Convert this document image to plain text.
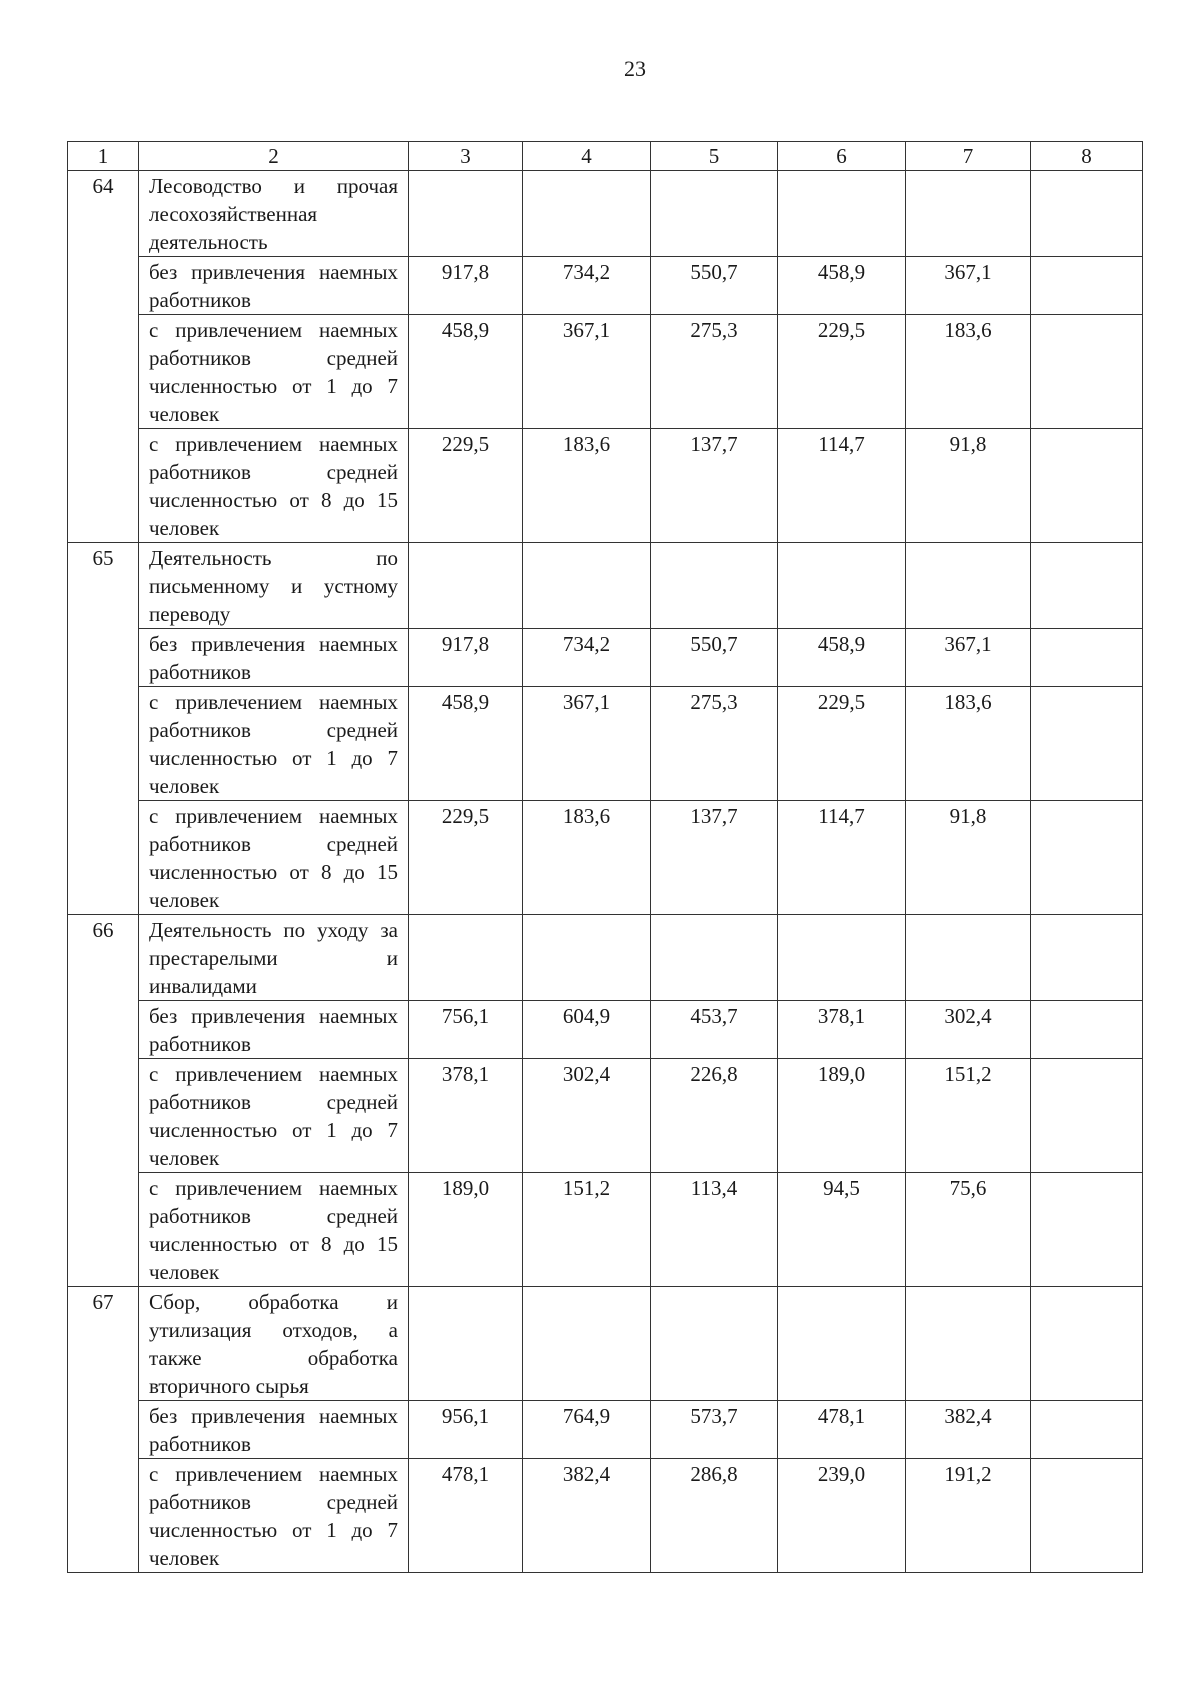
23
1	2	3	4	5	6	7	8
64	Лесоводство и прочая лесохозяйственная деятельность						
	без привлечения наемных работников	917,8	734,2	550,7	458,9	367,1	
	с привлечением наемных работников средней численностью от 1 до 7 человек	458,9	367,1	275,3	229,5	183,6	
	с привлечением наемных работников средней численностью от 8 до 15 человек	229,5	183,6	137,7	114,7	91,8	
65	Деятельность по письменному и устному переводу						
	без привлечения наемных работников	917,8	734,2	550,7	458,9	367,1	
	с привлечением наемных работников средней численностью от 1 до 7 человек	458,9	367,1	275,3	229,5	183,6	
	с привлечением наемных работников средней численностью от 8 до 15 человек	229,5	183,6	137,7	114,7	91,8	
66	Деятельность по уходу за престарелыми и инвалидами						
	без привлечения наемных работников	756,1	604,9	453,7	378,1	302,4	
	с привлечением наемных работников средней численностью от 1 до 7 человек	378,1	302,4	226,8	189,0	151,2	
	с привлечением наемных работников средней численностью от 8 до 15 человек	189,0	151,2	113,4	94,5	75,6	
67	Сбор, обработка и утилизация отходов, а также обработка вторичного сырья						
	без привлечения наемных работников	956,1	764,9	573,7	478,1	382,4	
	с привлечением наемных работников средней численностью от 1 до 7 человек	478,1	382,4	286,8	239,0	191,2	
